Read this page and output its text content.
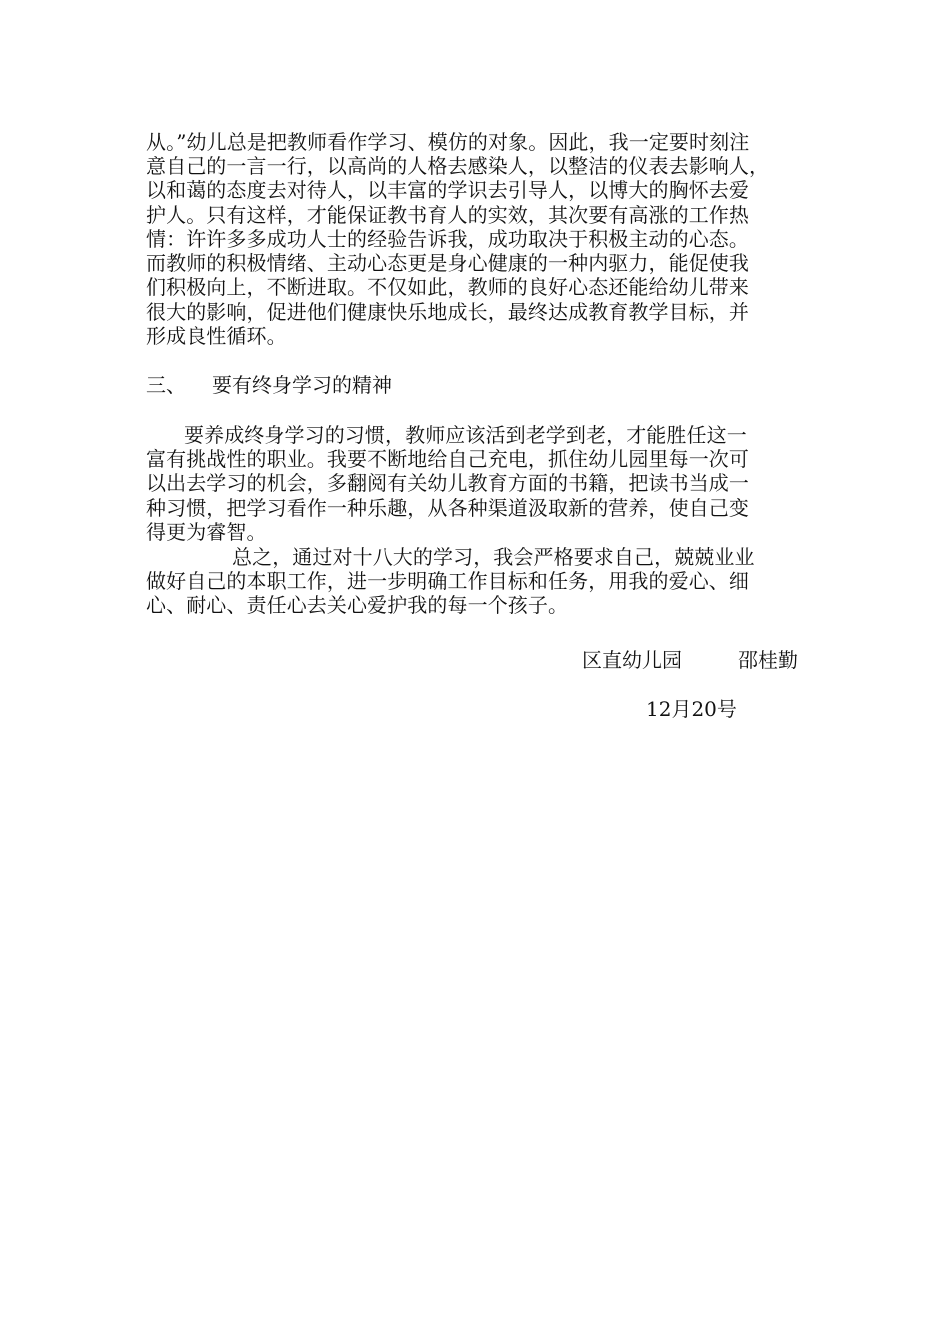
从。”幼儿总是把教师看作学习、模仿的对象。因此，我一定要时刻注
意自己的一言一行，以高尚的人格去感染人，以整洁的仪表去影响人，
以和蔼的态度去对待人，以丰富的学识去引导人，以博大的胸怀去爱
护人。只有这样，才能保证教书育人的实效，其次要有高涨的工作热
情：许许多多成功人士的经验告诉我，成功取决于积极主动的心态。
而教师的积极情绪、主动心态更是身心健康的一种内驱力，能促使我
们积极向上，不断进取。不仅如此，教师的良好心态还能给幼儿带来
很大的影响，促进他们健康快乐地成长，最终达成教育教学目标，并
形成良性循环。
三、 要有终身学习的精神
要养成终身学习的习惯，教师应该活到老学到老，才能胜任这一
富有挑战性的职业。我要不断地给自己充电，抓住幼儿园里每一次可
以出去学习的机会，多翻阅有关幼儿教育方面的书籍，把读书当成一
种习惯，把学习看作一种乐趣，从各种渠道汲取新的营养，使自己变
得更为睿智。
总之，通过对十八大的学习，我会严格要求自己，兢兢业业
做好自己的本职工作，进一步明确工作目标和任务，用我的爱心、细
心、耐心、责任心去关心爱护我的每一个孩子。
区直幼儿园	邵桂勤
12月20号
